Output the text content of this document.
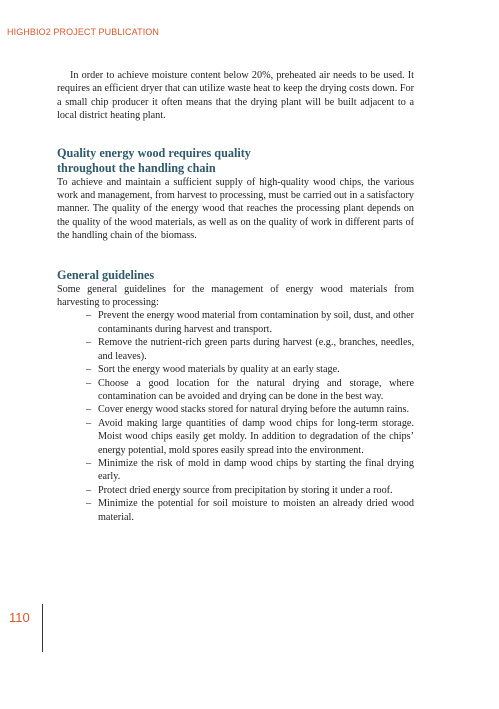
HIGHBIO2 PROJECT PUBLICATION

In order to achieve moisture content below 20%, preheated air needs to be used. It requires an efficient dryer that can utilize waste heat to keep the drying costs down. For a small chip producer it often means that the drying plant will be built adjacent to a local district heating plant.

Quality energy wood requires quality
throughout the handling chain

To achieve and maintain a sufficient supply of high-quality wood chips, the various work and management, from harvest to processing, must be carried out in a satisfactory manner. The quality of the energy wood that reaches the processing plant depends on the quality of the wood materials, as well as on the quality of work in different parts of the handling chain of the biomass.

General guidelines

Some general guidelines for the management of energy wood materials from harvesting to processing:

– Prevent the energy wood material from contamination by soil, dust, and other contaminants during harvest and transport.
– Remove the nutrient-rich green parts during harvest (e.g., branches, needles, and leaves).
– Sort the energy wood materials by quality at an early stage.
– Choose a good location for the natural drying and storage, where contamination can be avoided and drying can be done in the best way.
– Cover energy wood stacks stored for natural drying before the autumn rains.
– Avoid making large quantities of damp wood chips for long-term storage. Moist wood chips easily get moldy. In addition to degradation of the chips’ energy potential, mold spores easily spread into the environment.
– Minimize the risk of mold in damp wood chips by starting the final drying early.
– Protect dried energy source from precipitation by storing it under a roof.
– Minimize the potential for soil moisture to moisten an already dried wood material.
110
